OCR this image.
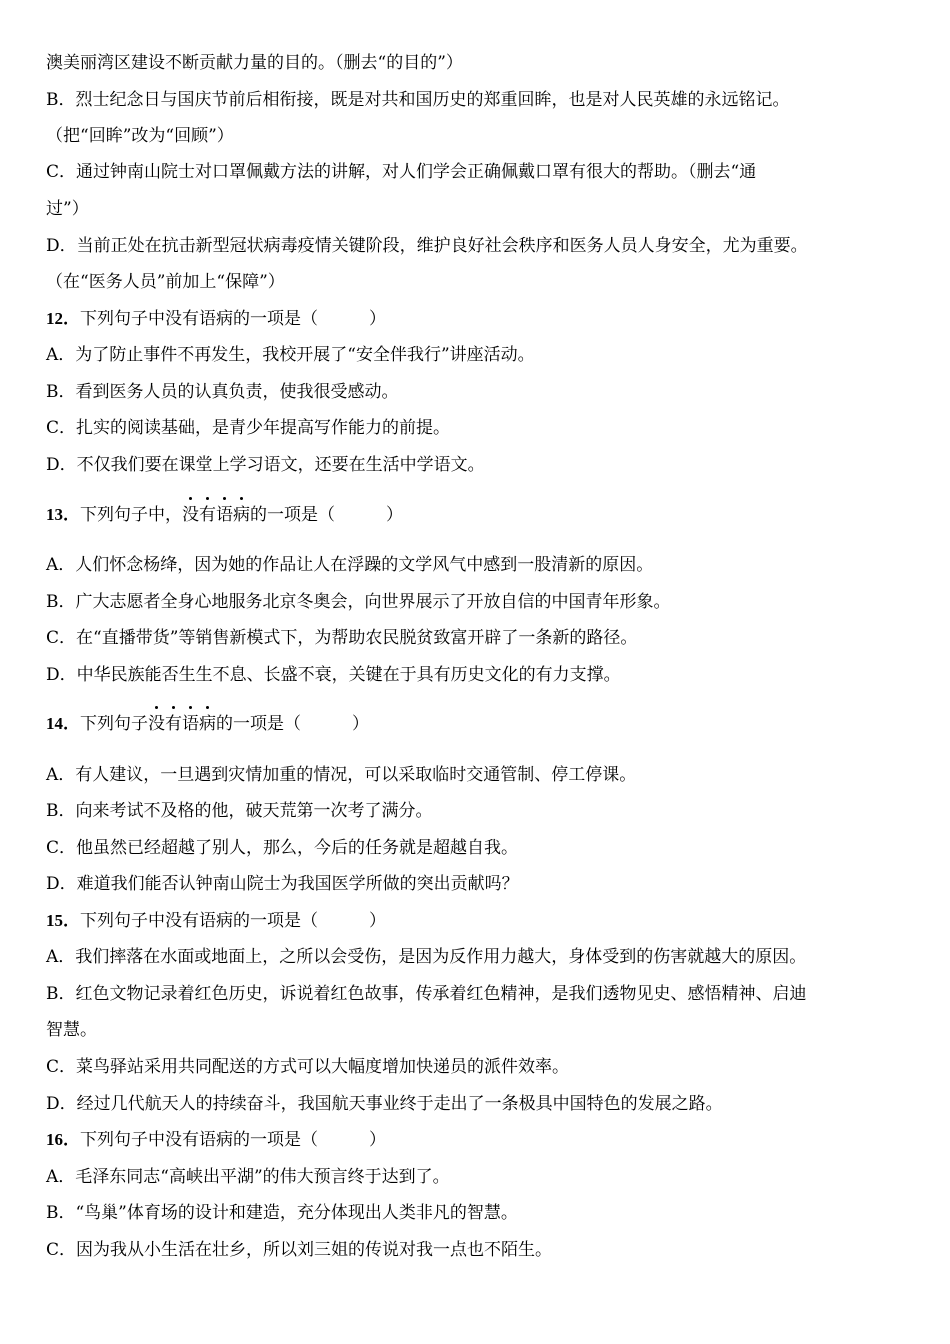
澳美丽湾区建设不断贡献力量的目的。（删去“的目的”）
B．烈士纪念日与国庆节前后相衔接，既是对共和国历史的郑重回眸，也是对人民英雄的永远铭记。
（把“回眸”改为“回顾”）
C．通过钟南山院士对口罩佩戴方法的讲解，对人们学会正确佩戴口罩有很大的帮助。（删去“通
过”）
D．当前正处在抗击新型冠状病毒疫情关键阶段，维护良好社会秩序和医务人员人身安全，尤为重要。
（在“医务人员”前加上“保障”）
12．下列句子中没有语病的一项是（　　　）
A．为了防止事件不再发生，我校开展了“安全伴我行”讲座活动。
B．看到医务人员的认真负责，使我很受感动。
C．扎实的阅读基础，是青少年提高写作能力的前提。
D．不仅我们要在课堂上学习语文，还要在生活中学语文。
13．下列句子中，没有语病的一项是（　　　）
A．人们怀念杨绛，因为她的作品让人在浮躁的文学风气中感到一股清新的原因。
B．广大志愿者全身心地服务北京冬奥会，向世界展示了开放自信的中国青年形象。
C．在“直播带货”等销售新模式下，为帮助农民脱贫致富开辟了一条新的路径。
D．中华民族能否生生不息、长盛不衰，关键在于具有历史文化的有力支撑。
14．下列句子没有语病的一项是（　　　）
A．有人建议，一旦遇到灾情加重的情况，可以采取临时交通管制、停工停课。
B．向来考试不及格的他，破天荒第一次考了满分。
C．他虽然已经超越了别人，那么，今后的任务就是超越自我。
D．难道我们能否认钟南山院士为我国医学所做的突出贡献吗？
15．下列句子中没有语病的一项是（　　　）
A．我们摔落在水面或地面上，之所以会受伤，是因为反作用力越大，身体受到的伤害就越大的原因。
B．红色文物记录着红色历史，诉说着红色故事，传承着红色精神，是我们透物见史、感悟精神、启迪
智慧。
C．菜鸟驿站采用共同配送的方式可以大幅度增加快递员的派件效率。
D．经过几代航天人的持续奋斗，我国航天事业终于走出了一条极具中国特色的发展之路。
16．下列句子中没有语病的一项是（　　　）
A．毛泽东同志“高峡出平湖”的伟大预言终于达到了。
B．“鸟巢”体育场的设计和建造，充分体现出人类非凡的智慧。
C．因为我从小生活在壮乡，所以刘三姐的传说对我一点也不陌生。
